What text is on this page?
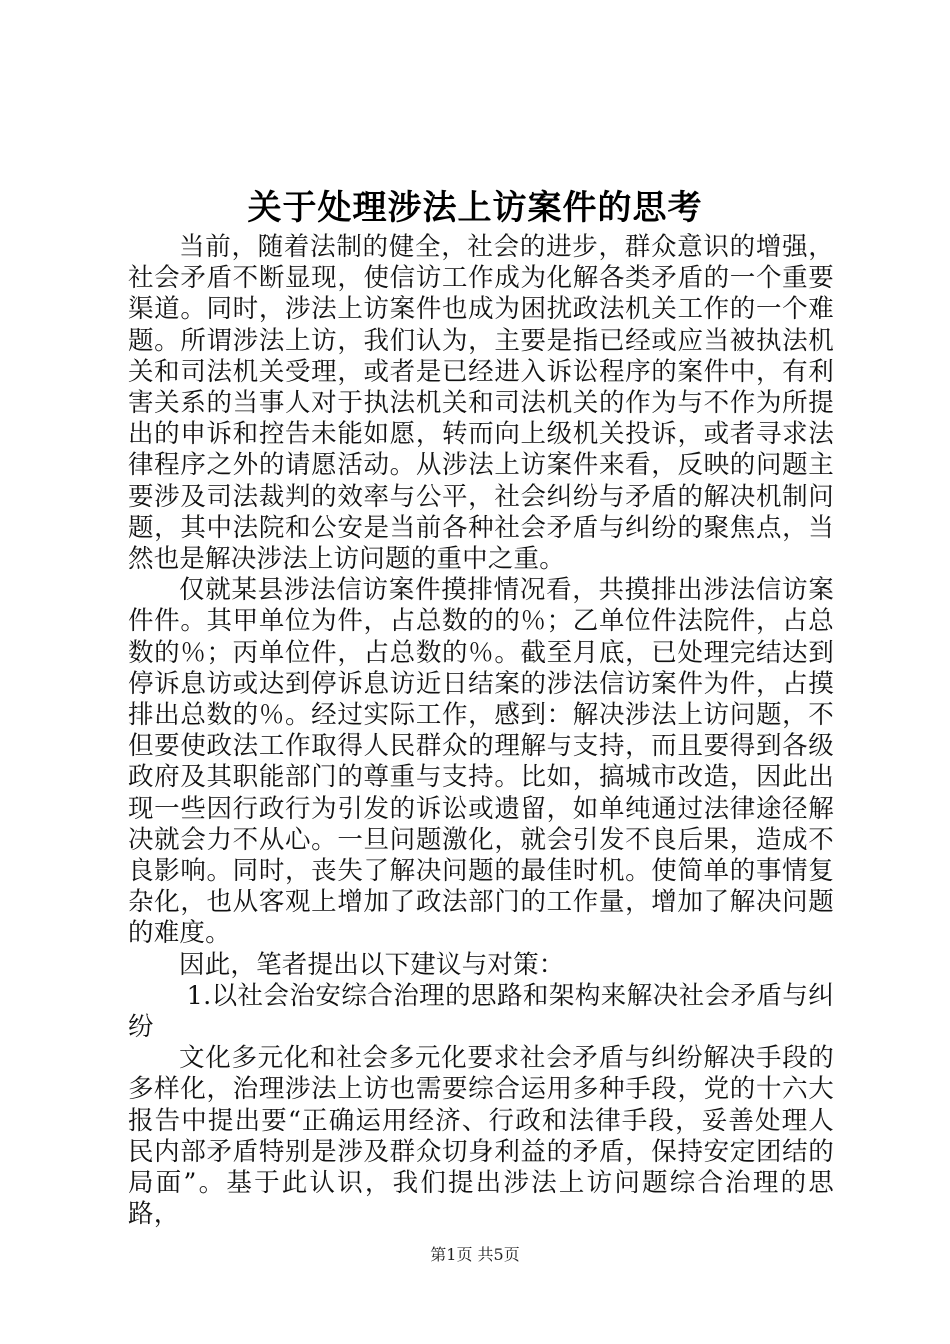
关于处理涉法上访案件的思考

当前，随着法制的健全，社会的进步，群众意识的增强，社会矛盾不断显现，使信访工作成为化解各类矛盾的一个重要渠道。同时，涉法上访案件也成为困扰政法机关工作的一个难题。所谓涉法上访，我们认为，主要是指已经或应当被执法机关和司法机关受理，或者是已经进入诉讼程序的案件中，有利害关系的当事人对于执法机关和司法机关的作为与不作为所提出的申诉和控告未能如愿，转而向上级机关投诉，或者寻求法律程序之外的请愿活动。从涉法上访案件来看，反映的问题主要涉及司法裁判的效率与公平，社会纠纷与矛盾的解决机制问题，其中法院和公安是当前各种社会矛盾与纠纷的聚焦点，当然也是解决涉法上访问题的重中之重。

仅就某县涉法信访案件摸排情况看，共摸排出涉法信访案件件。其甲单位为件，占总数的的％；乙单位件法院件，占总数的％；丙单位件，占总数的％。截至月底，已处理完结达到停诉息访或达到停诉息访近日结案的涉法信访案件为件，占摸排出总数的％。经过实际工作，感到：解决涉法上访问题，不但要使政法工作取得人民群众的理解与支持，而且要得到各级政府及其职能部门的尊重与支持。比如，搞城市改造，因此出现一些因行政行为引发的诉讼或遗留，如单纯通过法律途径解决就会力不从心。一旦问题激化，就会引发不良后果，造成不良影响。同时，丧失了解决问题的最佳时机。使简单的事情复杂化，也从客观上增加了政法部门的工作量，增加了解决问题的难度。

因此，笔者提出以下建议与对策：

1.以社会治安综合治理的思路和架构来解决社会矛盾与纠纷

文化多元化和社会多元化要求社会矛盾与纠纷解决手段的多样化，治理涉法上访也需要综合运用多种手段，党的十六大报告中提出要“正确运用经济、行政和法律手段，妥善处理人民内部矛盾特别是涉及群众切身利益的矛盾，保持安定团结的局面”。基于此认识，我们提出涉法上访问题综合治理的思路，

第1页 共5页
